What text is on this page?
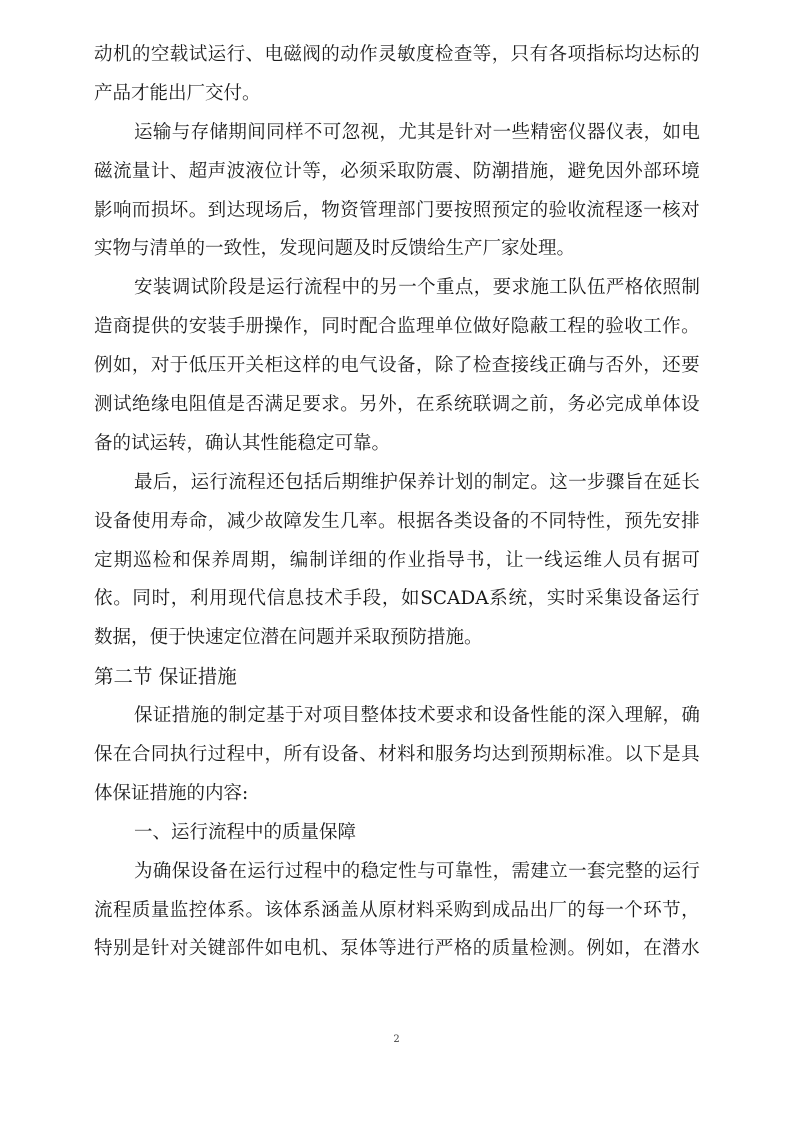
动 机 的 空 载 试 运 行 、 电 磁 阀 的 动 作 灵 敏 度 检 查 等 ， 只 有 各 项 指 标 均 达 标 的
产品才能出厂交付。
运 输 与 存 储 期 间 同 样 不 可 忽 视 ， 尤 其 是 针 对 一 些 精 密 仪 器 仪 表 ， 如 电
磁 流 量 计 、 超 声 波 液 位 计 等 ， 必 须 采 取 防 震 、 防 潮 措 施 ， 避 免 因 外 部 环 境
影 响 而 损 坏 。 到 达 现 场 后 ， 物 资 管 理 部 门 要 按 照 预 定 的 验 收 流 程 逐 一 核 对
实物与清单的一致性，发现问题及时反馈给生产厂家处理。
安 装 调 试 阶 段 是 运 行 流 程 中 的 另 一 个 重 点 ， 要 求 施 工 队 伍 严 格 依 照 制
造 商 提 供 的 安 装 手 册 操 作 ， 同 时 配 合 监 理 单 位 做 好 隐 蔽 工 程 的 验 收 工 作 。
例 如 ， 对 于 低 压 开 关 柜 这 样 的 电 气 设 备 ， 除 了 检 查 接 线 正 确 与 否 外 ， 还 要
测 试 绝 缘 电 阻 值 是 否 满 足 要 求 。 另 外 ， 在 系 统 联 调 之 前 ， 务 必 完 成 单 体 设
备的试运转，确认其性能稳定可靠。
最 后 ， 运 行 流 程 还 包 括 后 期 维 护 保 养 计 划 的 制 定 。 这 一 步 骤 旨 在 延 长
设 备 使 用 寿 命 ， 减 少 故 障 发 生 几 率 。 根 据 各 类 设 备 的 不 同 特 性 ， 预 先 安 排
定 期 巡 检 和 保 养 周 期 ， 编 制 详 细 的 作 业 指 导 书 ， 让 一 线 运 维 人 员 有 据 可
依 。 同 时 ， 利 用 现 代 信 息 技 术 手 段 ， 如 SCADA 系 统 ， 实 时 采 集 设 备 运 行
数据，便于快速定位潜在问题并采取预防措施。
第二节 保证措施
保 证 措 施 的 制 定 基 于 对 项 目 整 体 技 术 要 求 和 设 备 性 能 的 深 入 理 解 ， 确
保 在 合 同 执 行 过 程 中 ， 所 有 设 备 、 材 料 和 服 务 均 达 到 预 期 标 准 。 以 下 是 具
体保证措施的内容:
一、运行流程中的质量保障
为 确 保 设 备 在 运 行 过 程 中 的 稳 定 性 与 可 靠 性 ， 需 建 立 一 套 完 整 的 运 行
流 程 质 量 监 控 体 系 。 该 体 系 涵 盖 从 原 材 料 采 购 到 成 品 出 厂 的 每 一 个 环 节 ，
特 别 是 针 对 关 键 部 件 如 电 机 、 泵 体 等 进 行 严 格 的 质 量 检 测 。 例 如 ， 在 潜 水
2
